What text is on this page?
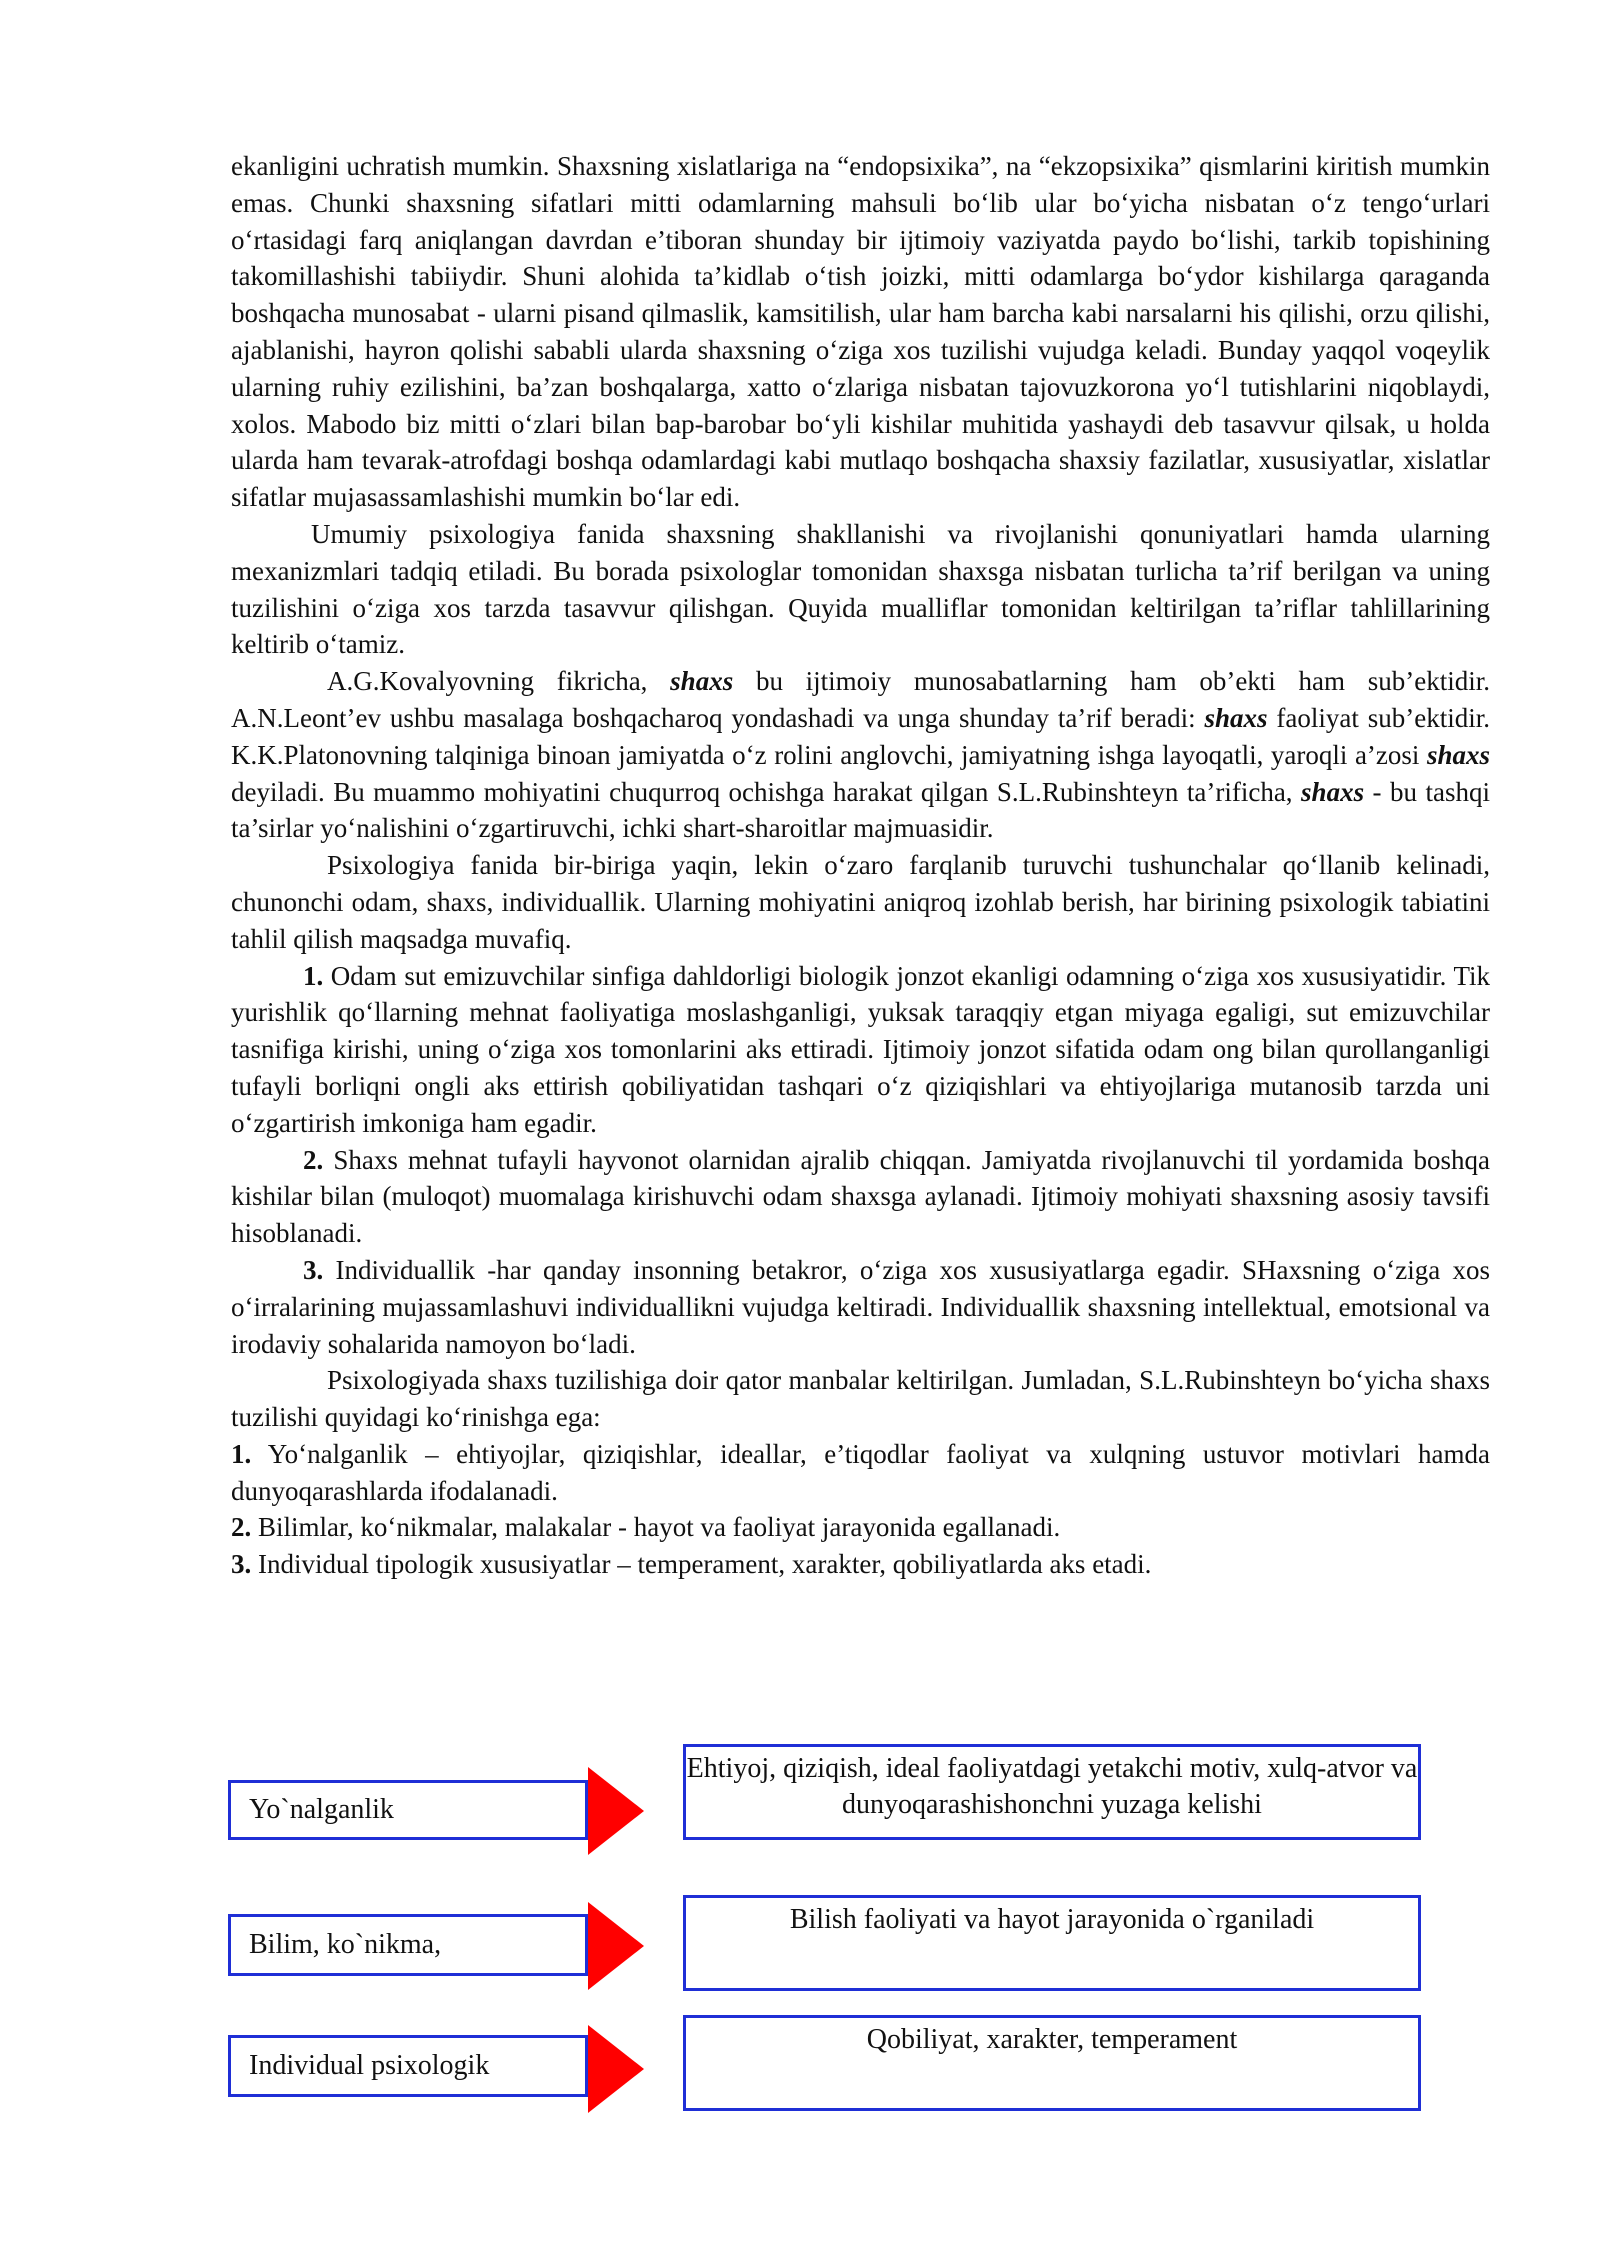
ekanligini uchratish mumkin. Shaxsning xislatlariga na “endopsixika”, na “ekzopsixika” qismlarini kiritish mumkin emas. Chunki shaxsning sifatlari mitti odamlarning mahsuli bo‘lib ular bo‘yicha nisbatan o‘z tengo‘urlari o‘rtasidagi farq aniqlangan davrdan e’tiboran shunday bir ijtimoiy vaziyatda paydo bo‘lishi, tarkib topishining takomillashishi tabiiydir. Shuni alohida ta’kidlab o‘tish joizki, mitti odamlarga bo‘ydor kishilarga qaraganda boshqacha munosabat - ularni pisand qilmaslik, kamsitilish, ular ham barcha kabi narsalarni his qilishi, orzu qilishi, ajablanishi, hayron qolishi sababli ularda shaxsning o‘ziga xos tuzilishi vujudga keladi. Bunday yaqqol voqeylik ularning ruhiy ezilishini, ba’zan boshqalarga, xatto o‘zlariga nisbatan tajovuzkorona yo‘l tutishlarini niqoblaydi, xolos. Mabodo biz mitti o‘zlari bilan bap-barobar bo‘yli kishilar muhitida yashaydi deb tasavvur qilsak, u holda ularda ham tevarak-atrofdagi boshqa odamlardagi kabi mutlaqo boshqacha shaxsiy fazilatlar, xususiyatlar, xislatlar sifatlar mujasassamlashishi mumkin bo‘lar edi.

Umumiy psixologiya fanida shaxsning shakllanishi va rivojlanishi qonuniyatlari hamda ularning mexanizmlari tadqiq etiladi. Bu borada psixologlar tomonidan shaxsga nisbatan turlicha ta’rif berilgan va uning tuzilishini o‘ziga xos tarzda tasavvur qilishgan. Quyida mualliflar tomonidan keltirilgan ta’riflar tahlillarining keltirib o‘tamiz.

A.G.Kovalyovning fikricha, shaxs bu ijtimoiy munosabatlarning ham ob’ekti ham sub’ektidir. A.N.Leont’ev ushbu masalaga boshqacharoq yondashadi va unga shunday ta’rif beradi: shaxs faoliyat sub’ektidir. K.K.Platonovning talqiniga binoan jamiyatda o‘z rolini anglovchi, jamiyatning ishga layoqatli, yaroqli a’zosi shaxs deyiladi. Bu muammo mohiyatini chuqurroq ochishga harakat qilgan S.L.Rubinshteyn ta’rificha, shaxs - bu tashqi ta’sirlar yo‘nalishini o‘zgartiruvchi, ichki shart-sharoitlar majmuasidir.

Psixologiya fanida bir-biriga yaqin, lekin o‘zaro farqlanib turuvchi tushunchalar qo‘llanib kelinadi, chunonchi odam, shaxs, individuallik. Ularning mohiyatini aniqroq izohlab berish, har birining psixologik tabiatini tahlil qilish maqsadga muvafiq.

1. Odam sut emizuvchilar sinfiga dahldorligi biologik jonzot ekanligi odamning o‘ziga xos xususiyatidir. Tik yurishlik qo‘llarning mehnat faoliyatiga moslashganligi, yuksak taraqqiy etgan miyaga egaligi, sut emizuvchilar tasnifiga kirishi, uning o‘ziga xos tomonlarini aks ettiradi. Ijtimoiy jonzot sifatida odam ong bilan qurollanganligi tufayli borliqni ongli aks ettirish qobiliyatidan tashqari o‘z qiziqishlari va ehtiyojlariga mutanosib tarzda uni o‘zgartirish imkoniga ham egadir.

2. Shaxs mehnat tufayli hayvonot olarnidan ajralib chiqqan. Jamiyatda rivojlanuvchi til yordamida boshqa kishilar bilan (muloqot) muomalaga kirishuvchi odam shaxsga aylanadi. Ijtimoiy mohiyati shaxsning asosiy tavsifi hisoblanadi.

3. Individuallik -har qanday insonning betakror, o‘ziga xos xususiyatlarga egadir. SHaxsning o‘ziga xos o‘irralarining mujassamlashuvi individuallikni vujudga keltiradi. Individuallik shaxsning intellektual, emotsional va irodaviy sohalarida namoyon bo‘ladi.

Psixologiyada shaxs tuzilishiga doir qator manbalar keltirilgan. Jumladan, S.L.Rubinshteyn bo‘yicha shaxs tuzilishi quyidagi ko‘rinishga ega:

1. Yo‘nalganlik – ehtiyojlar, qiziqishlar, ideallar, e’tiqodlar faoliyat va xulqning ustuvor motivlari hamda dunyoqarashlarda ifodalanadi.

2. Bilimlar, ko‘nikmalar, malakalar - hayot va faoliyat jarayonida egallanadi.

3. Individual tipologik xususiyatlar – temperament, xarakter, qobiliyatlarda aks etadi.

Yo`nalganlik
Ehtiyoj, qiziqish, ideal faoliyatdagi yetakchi motiv, xulq-atvor va dunyoqarashishonchni yuzaga kelishi
Bilim, ko`nikma,
Bilish faoliyati va hayot jarayonida o`rganiladi
Individual psixologik
Qobiliyat, xarakter, temperament
